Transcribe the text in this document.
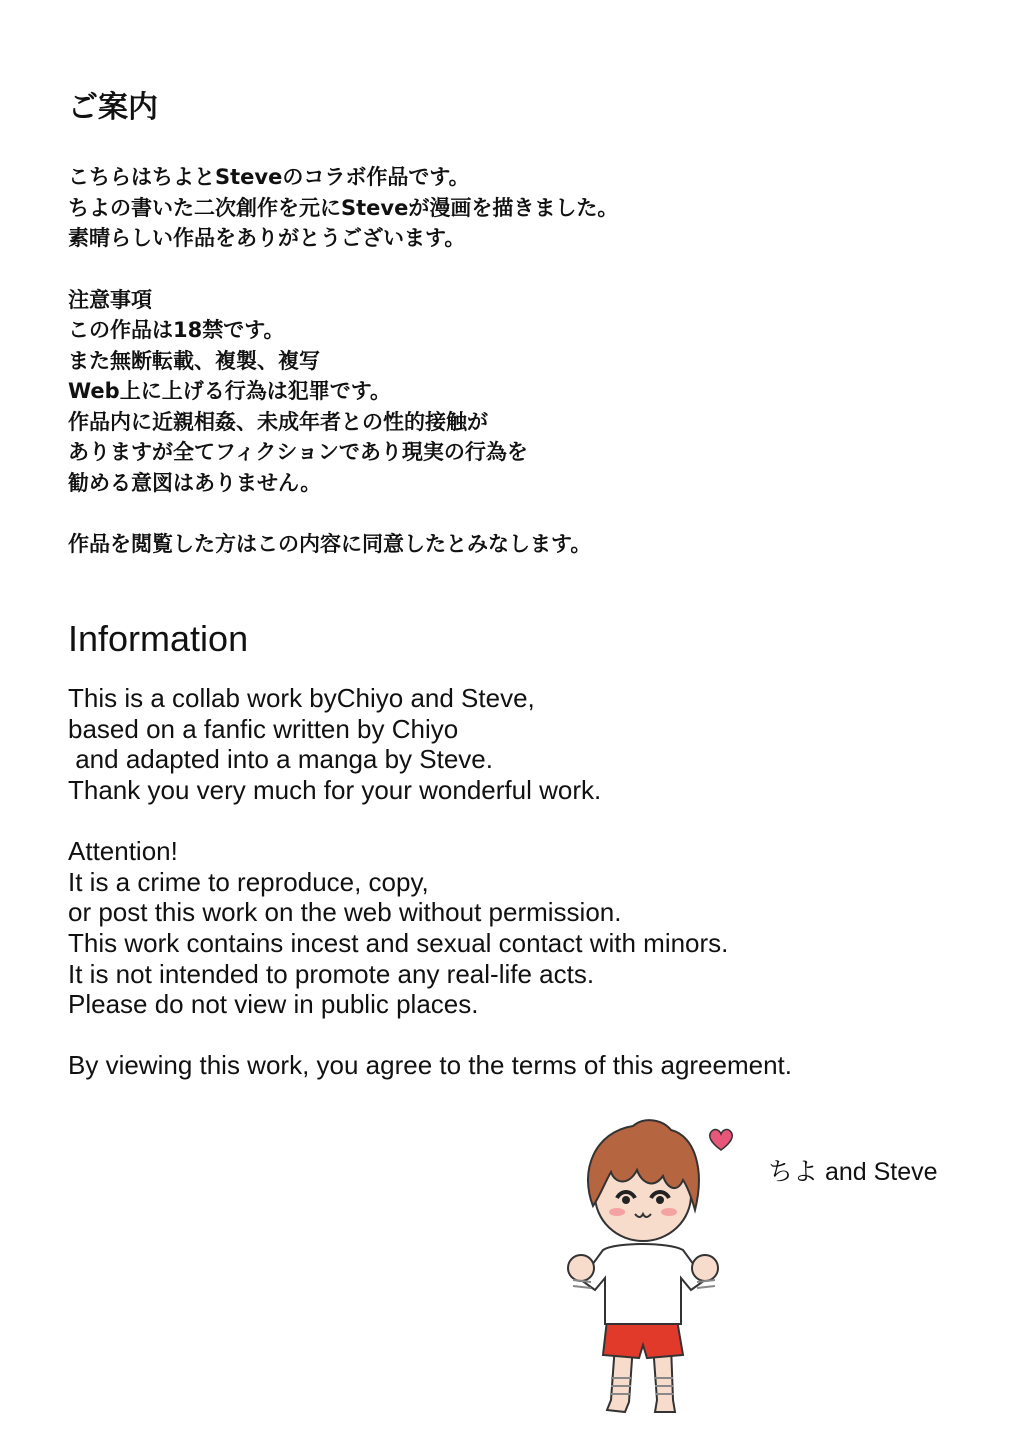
ご案内
こちらはちよとSteveのコラボ作品です。
ちよの書いた二次創作を元にSteveが漫画を描きました。
素晴らしい作品をありがとうございます。
注意事項
この作品は18禁です。
また無断転載、複製、複写
Web上に上げる行為は犯罪です。
作品内に近親相姦、未成年者との性的接触が
ありますが全てフィクションであり現実の行為を
勧める意図はありません。
作品を閲覧した方はこの内容に同意したとみなします。
Information
This is a collab work byChiyo and Steve,
based on a fanfic written by Chiyo
and adapted into a manga by Steve.
Thank you very much for your wonderful work.
Attention!
It is a crime to reproduce, copy,
or post this work on the web without permission.
This work contains incest and sexual contact with minors.
It is not intended to promote any real-life acts.
Please do not view in public places.
By viewing this work, you agree to the terms of this agreement.
ちよ and Steve
